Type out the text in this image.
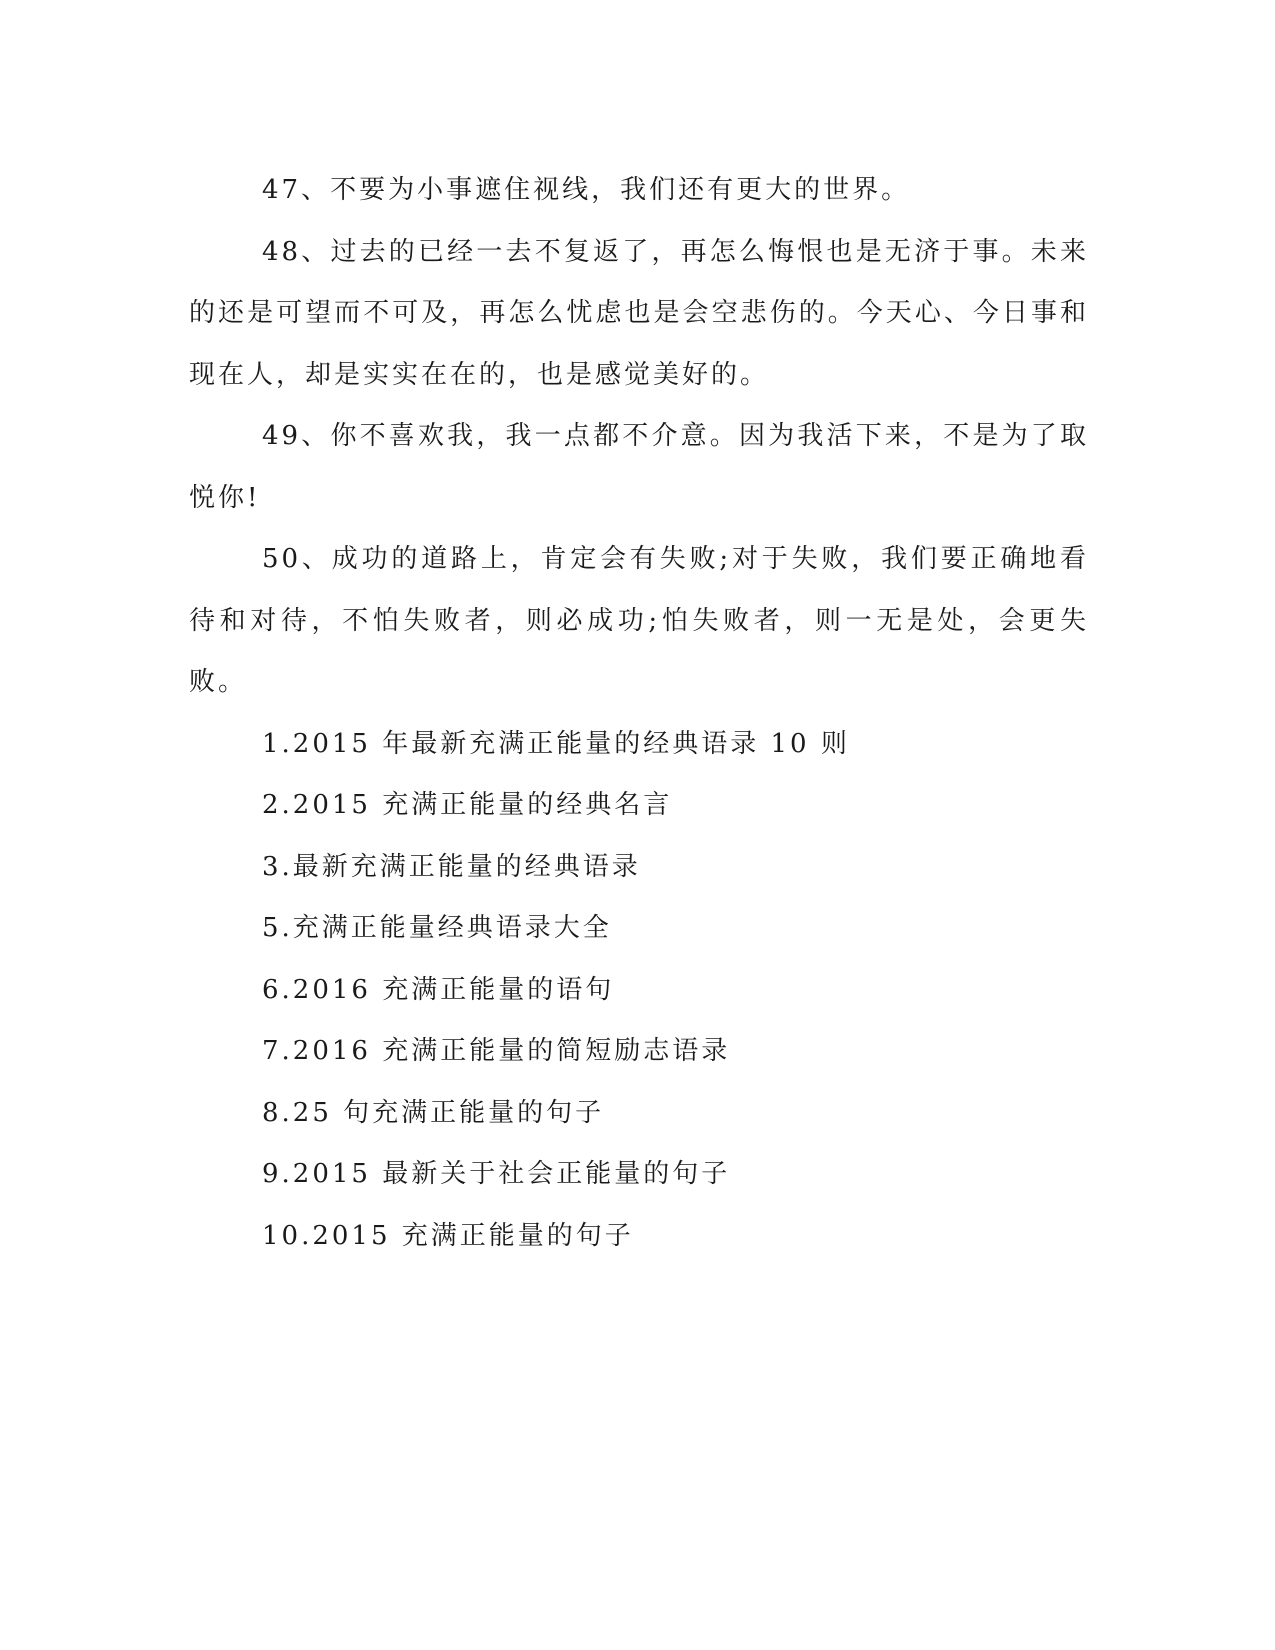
47、不要为小事遮住视线，我们还有更大的世界。

48、过去的已经一去不复返了，再怎么悔恨也是无济于事。未来的还是可望而不可及，再怎么忧虑也是会空悲伤的。今天心、今日事和现在人，却是实实在在的，也是感觉美好的。

49、你不喜欢我，我一点都不介意。因为我活下来，不是为了取悦你!

50、成功的道路上，肯定会有失败;对于失败，我们要正确地看待和对待，不怕失败者，则必成功;怕失败者，则一无是处，会更失败。

1.2015 年最新充满正能量的经典语录 10 则

2.2015 充满正能量的经典名言

3.最新充满正能量的经典语录

5.充满正能量经典语录大全

6.2016 充满正能量的语句

7.2016 充满正能量的简短励志语录

8.25 句充满正能量的句子

9.2015 最新关于社会正能量的句子

10.2015 充满正能量的句子
